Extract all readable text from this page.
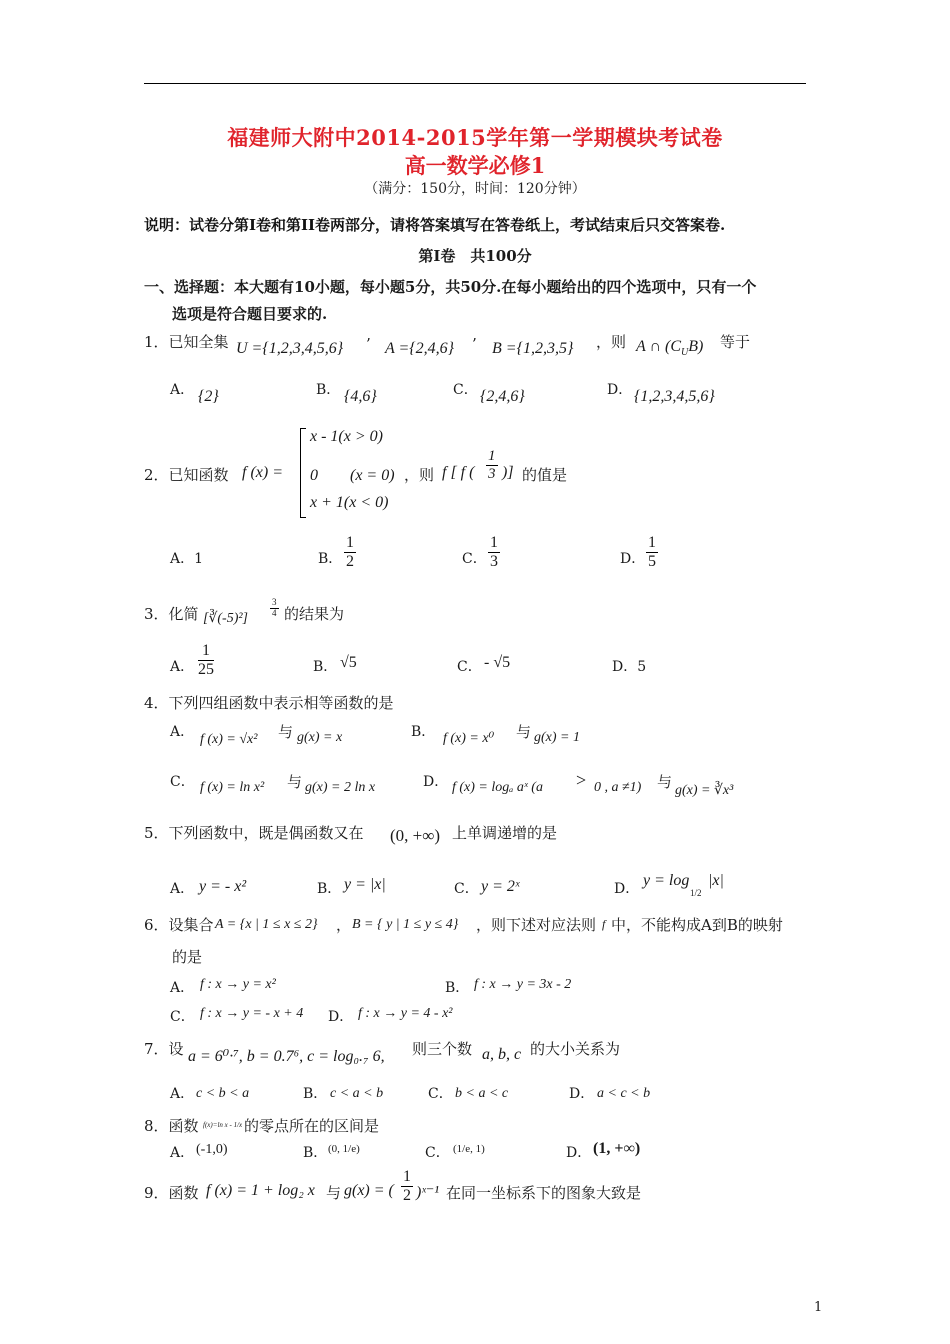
福建师大附中2014-2015学年第一学期模块考试卷
高一数学必修1
（满分：150分，时间：120分钟）
说明：试卷分第Ⅰ卷和第II卷两部分，请将答案填写在答卷纸上，考试结束后只交答案卷.
第Ⅰ卷　共100分
一、选择题：本大题有10小题，每小题5分，共50分.在每小题给出的四个选项中，只有一个
选项是符合题目要求的.
1．已知全集 U ={1,2,3,4,5,6} ’ A ={2,4,6} ’ B ={1,2,3,5} ，则 A ∩ $(C_UB)$ 等于
A． {2}	B． {4,6}	C． {2,4,6}	D． {1,2,3,4,5,6}
2．已知函数 f (x) =
x - 1(x > 0)
0　　(x = 0)
x + 1(x < 0)
，则 f [ f ( $\frac{1}{3}$ )] 的值是
A．1	B． $\frac{1}{2}$	C． $\frac{1}{3}$	D． $\frac{1}{5}$
3．化简 [∛(-5)²] $\frac{3}{4}$ 的结果为
A． $\frac{1}{25}$	B． √5	C． - √5	D．5
4．下列四组函数中表示相等函数的是
A． f (x) = √x² 与 g(x) = x	B． f (x) = x⁰ 与 g(x) = 1
C． f (x) = ln x² 与 g(x) = 2 ln x	D． f (x) = logₐ aˣ (a > 0 , a ≠1) 与 g(x) = ∛x³
5．下列函数中，既是偶函数又在 (0, +∞) 上单调递增的是
A． y = - x²	B． y = |x|	C． y = 2ˣ	D． y = log
1/2
|x|
6．设集合 A = {x | 1 ≤ x ≤ 2} ， B = { y | 1 ≤ y ≤ 4} ，则下述对应法则 f 中，不能构成A到B的映射
的是
A． f : x → y = x²	B． f : x → y = 3x - 2
C． f : x → y = - x + 4 D． f : x → y = 4 - x²
7．设 a = 6⁰·⁷, b = 0.7⁶, c = log₀.₇ 6, 则三个数 a, b, c 的大小关系为
A． c < b < a	B． c < a < b	C． b < a < c	D． a < c < b
8．函数 f(x)=ln x - 1/x 的零点所在的区间是
A． (-1,0)	B． (0, 1/e)	C． (1/e, 1)	D． (1, +∞)
9．函数 f (x) = 1 + log₂ x 与 g(x) = ( $\frac{1}{2}$ )ˣ⁻¹ 在同一坐标系下的图象大致是
1
